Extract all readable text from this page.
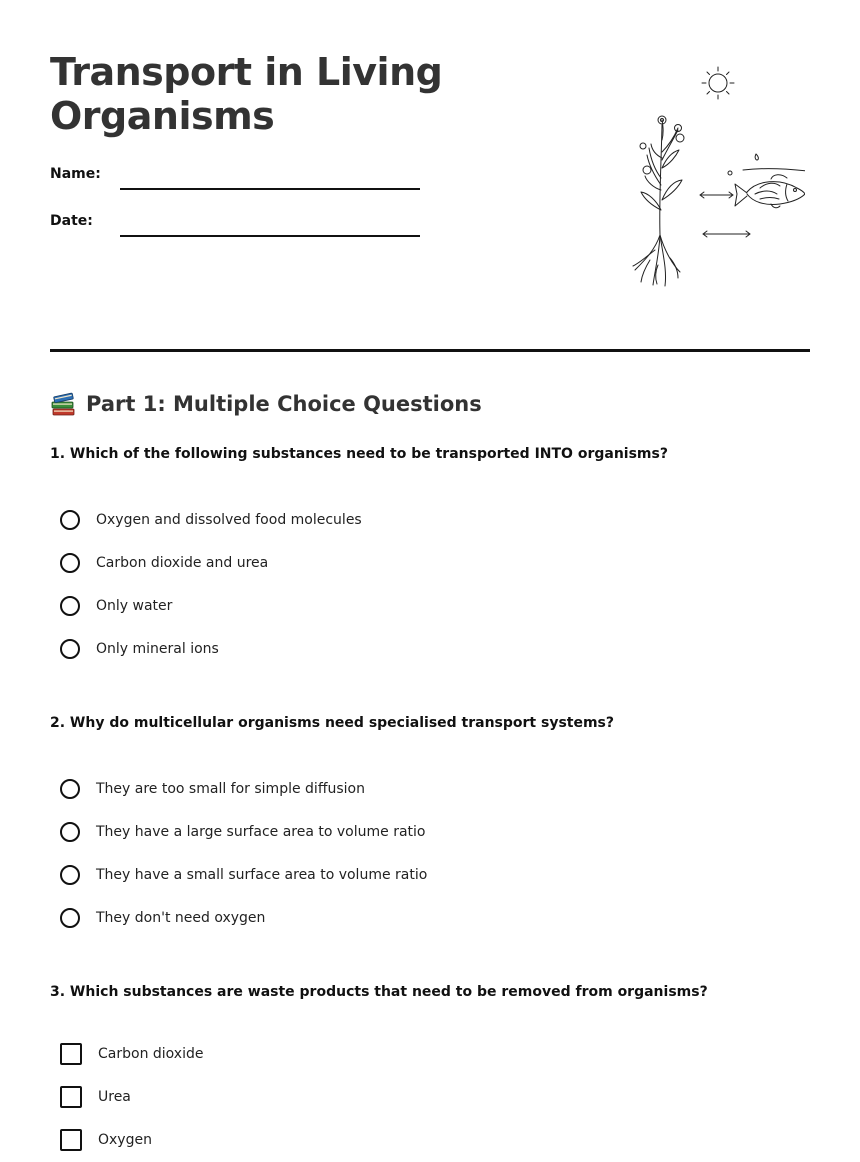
Transport in Living Organisms
Name:
Date:
Part 1: Multiple Choice Questions
1. Which of the following substances need to be transported INTO organisms?
Oxygen and dissolved food molecules
Carbon dioxide and urea
Only water
Only mineral ions
2. Why do multicellular organisms need specialised transport systems?
They are too small for simple diffusion
They have a large surface area to volume ratio
They have a small surface area to volume ratio
They don't need oxygen
3. Which substances are waste products that need to be removed from organisms?
Carbon dioxide
Urea
Oxygen
